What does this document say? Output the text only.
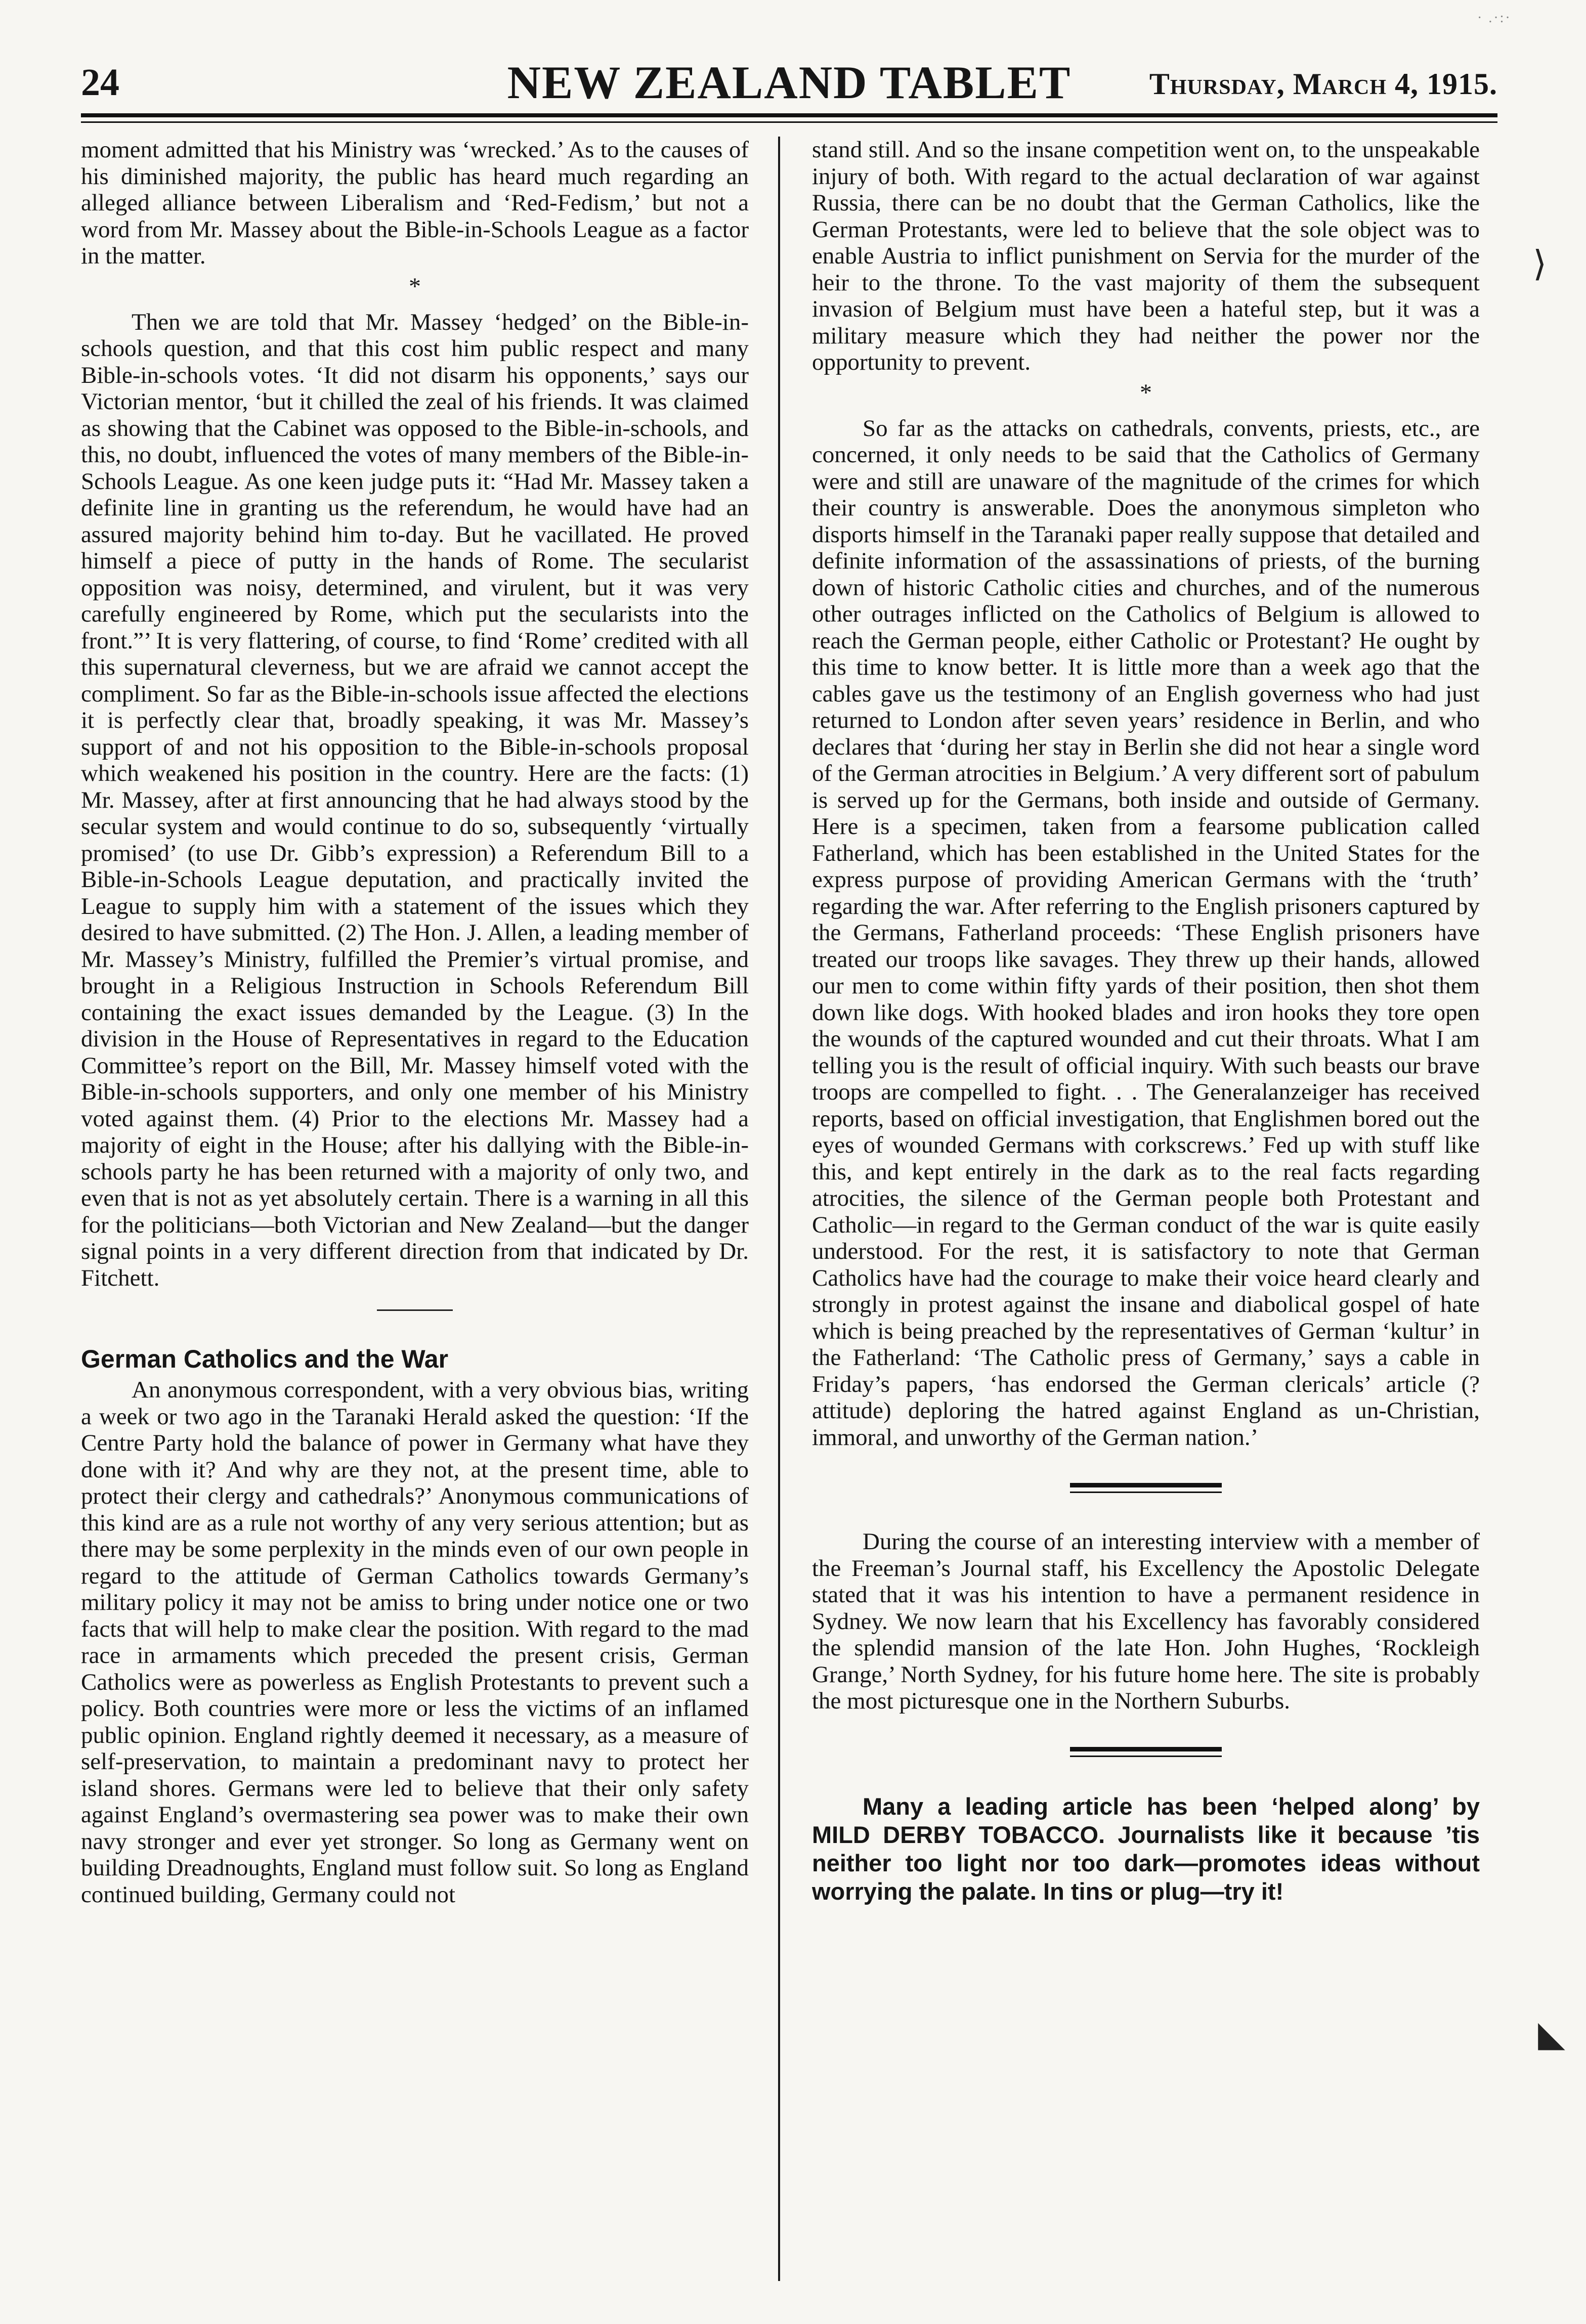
· .·:·
24	NEW ZEALAND TABLET	Thursday, March 4, 1915.

moment admitted that his Ministry was ‘wrecked.’ As to the causes of his diminished majority, the public has heard much regarding an alleged alliance between Liberalism and ‘Red-Fedism,’ but not a word from Mr. Massey about the Bible-in-Schools League as a factor in the matter.

*

Then we are told that Mr. Massey ‘hedged’ on the Bible-in-schools question, and that this cost him public respect and many Bible-in-schools votes. ‘It did not disarm his opponents,’ says our Victorian mentor, ‘but it chilled the zeal of his friends. It was claimed as showing that the Cabinet was opposed to the Bible-in-schools, and this, no doubt, influenced the votes of many members of the Bible-in-Schools League. As one keen judge puts it: “Had Mr. Massey taken a definite line in granting us the referendum, he would have had an assured majority behind him to-day. But he vacillated. He proved himself a piece of putty in the hands of Rome. The secularist opposition was noisy, determined, and virulent, but it was very carefully engineered by Rome, which put the secularists into the front.”’ It is very flattering, of course, to find ‘Rome’ credited with all this supernatural cleverness, but we are afraid we cannot accept the compliment. So far as the Bible-in-schools issue affected the elections it is perfectly clear that, broadly speaking, it was Mr. Massey’s support of and not his opposition to the Bible-in-schools proposal which weakened his position in the country. Here are the facts: (1) Mr. Massey, after at first announcing that he had always stood by the secular system and would continue to do so, subsequently ‘virtually promised’ (to use Dr. Gibb’s expression) a Referendum Bill to a Bible-in-Schools League deputation, and practically invited the League to supply him with a statement of the issues which they desired to have submitted. (2) The Hon. J. Allen, a leading member of Mr. Massey’s Ministry, fulfilled the Premier’s virtual promise, and brought in a Religious Instruction in Schools Referendum Bill containing the exact issues demanded by the League. (3) In the division in the House of Representatives in regard to the Education Committee’s report on the Bill, Mr. Massey himself voted with the Bible-in-schools supporters, and only one member of his Ministry voted against them. (4) Prior to the elections Mr. Massey had a majority of eight in the House; after his dallying with the Bible-in-schools party he has been returned with a majority of only two, and even that is not as yet absolutely certain. There is a warning in all this for the politicians—both Victorian and New Zealand—but the danger signal points in a very different direction from that indicated by Dr. Fitchett.

German Catholics and the War

An anonymous correspondent, with a very obvious bias, writing a week or two ago in the Taranaki Herald asked the question: ‘If the Centre Party hold the balance of power in Germany what have they done with it? And why are they not, at the present time, able to protect their clergy and cathedrals?’ Anonymous communications of this kind are as a rule not worthy of any very serious attention; but as there may be some perplexity in the minds even of our own people in regard to the attitude of German Catholics towards Germany’s military policy it may not be amiss to bring under notice one or two facts that will help to make clear the position. With regard to the mad race in armaments which preceded the present crisis, German Catholics were as powerless as English Protestants to prevent such a policy. Both countries were more or less the victims of an inflamed public opinion. England rightly deemed it necessary, as a measure of self-preservation, to maintain a predominant navy to protect her island shores. Germans were led to believe that their only safety against England’s overmastering sea power was to make their own navy stronger and ever yet stronger. So long as Germany went on building Dreadnoughts, England must follow suit. So long as England continued building, Germany could not

stand still. And so the insane competition went on, to the unspeakable injury of both. With regard to the actual declaration of war against Russia, there can be no doubt that the German Catholics, like the German Protestants, were led to believe that the sole object was to enable Austria to inflict punishment on Servia for the murder of the heir to the throne. To the vast majority of them the subsequent invasion of Belgium must have been a hateful step, but it was a military measure which they had neither the power nor the opportunity to prevent.

*

So far as the attacks on cathedrals, convents, priests, etc., are concerned, it only needs to be said that the Catholics of Germany were and still are unaware of the magnitude of the crimes for which their country is answerable. Does the anonymous simpleton who disports himself in the Taranaki paper really suppose that detailed and definite information of the assassinations of priests, of the burning down of historic Catholic cities and churches, and of the numerous other outrages inflicted on the Catholics of Belgium is allowed to reach the German people, either Catholic or Protestant? He ought by this time to know better. It is little more than a week ago that the cables gave us the testimony of an English governess who had just returned to London after seven years’ residence in Berlin, and who declares that ‘during her stay in Berlin she did not hear a single word of the German atrocities in Belgium.’ A very different sort of pabulum is served up for the Germans, both inside and outside of Germany. Here is a specimen, taken from a fearsome publication called Fatherland, which has been established in the United States for the express purpose of providing American Germans with the ‘truth’ regarding the war. After referring to the English prisoners captured by the Germans, Fatherland proceeds: ‘These English prisoners have treated our troops like savages. They threw up their hands, allowed our men to come within fifty yards of their position, then shot them down like dogs. With hooked blades and iron hooks they tore open the wounds of the captured wounded and cut their throats. What I am telling you is the result of official inquiry. With such beasts our brave troops are compelled to fight. . . The Generalanzeiger has received reports, based on official investigation, that Englishmen bored out the eyes of wounded Germans with corkscrews.’ Fed up with stuff like this, and kept entirely in the dark as to the real facts regarding atrocities, the silence of the German people both Protestant and Catholic—in regard to the German conduct of the war is quite easily understood. For the rest, it is satisfactory to note that German Catholics have had the courage to make their voice heard clearly and strongly in protest against the insane and diabolical gospel of hate which is being preached by the representatives of German ‘kultur’ in the Fatherland: ‘The Catholic press of Germany,’ says a cable in Friday’s papers, ‘has endorsed the German clericals’ article (? attitude) deploring the hatred against England as un-Christian, immoral, and unworthy of the German nation.’

During the course of an interesting interview with a member of the Freeman’s Journal staff, his Excellency the Apostolic Delegate stated that it was his intention to have a permanent residence in Sydney. We now learn that his Excellency has favorably considered the splendid mansion of the late Hon. John Hughes, ‘Rockleigh Grange,’ North Sydney, for his future home here. The site is probably the most picturesque one in the Northern Suburbs.

Many a leading article has been ‘helped along’ by MILD DERBY TOBACCO. Journalists like it because ’tis neither too light nor too dark—promotes ideas without worrying the palate. In tins or plug—try it!

⟩
◣
